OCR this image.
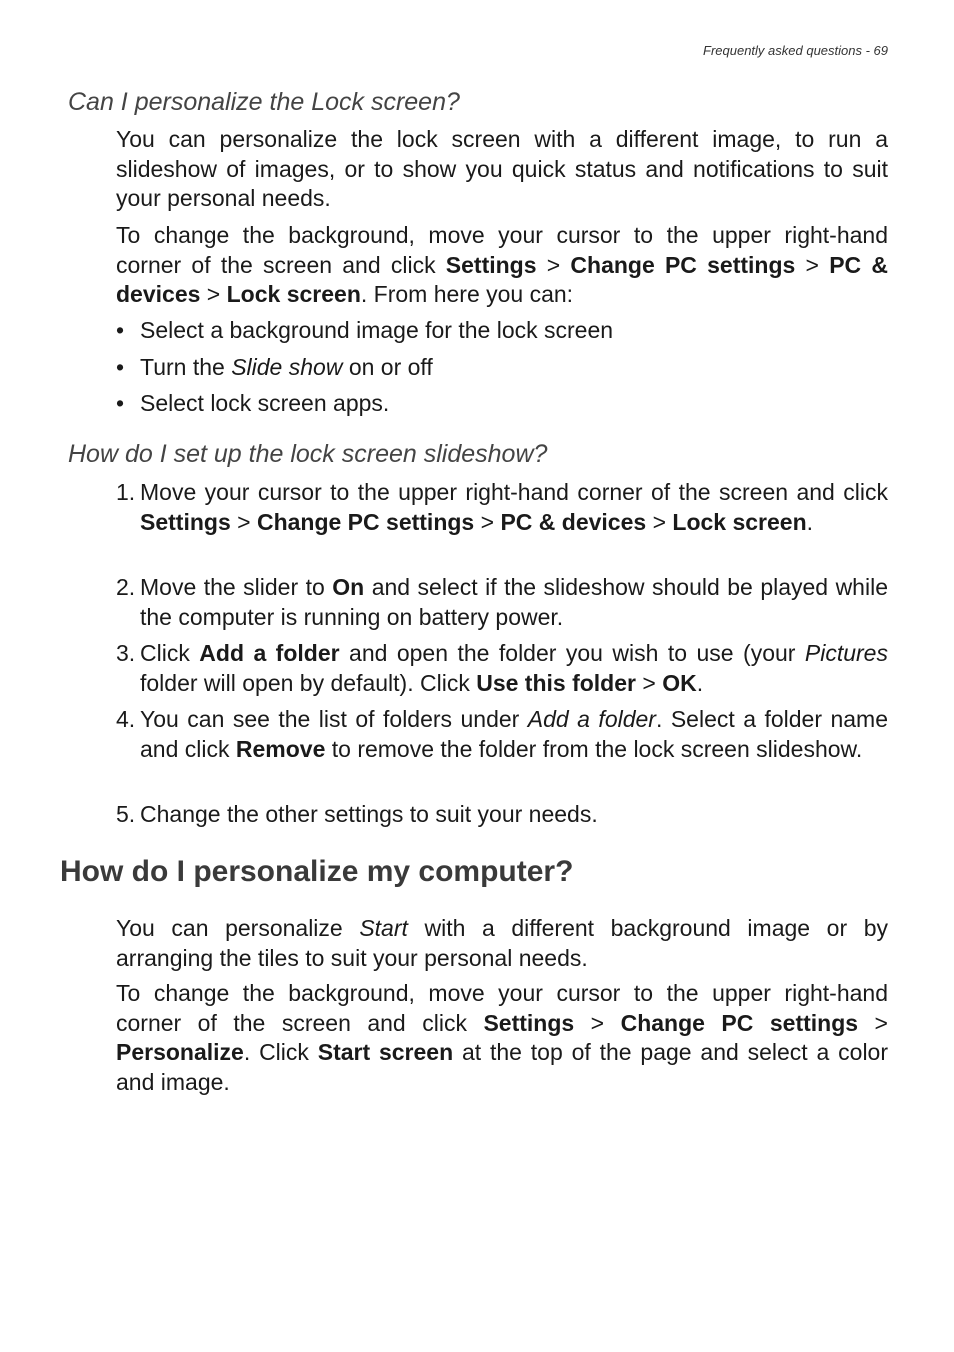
Frequently asked questions - 69
Can I personalize the Lock screen?

You can personalize the lock screen with a different image, to run a slideshow of images, or to show you quick status and notifications to suit your personal needs.

To change the background, move your cursor to the upper right-hand corner of the screen and click Settings > Change PC settings > PC & devices > Lock screen. From here you can:

• Select a background image for the lock screen
• Turn the Slide show on or off
• Select lock screen apps.
How do I set up the lock screen slideshow?
1. Move your cursor to the upper right-hand corner of the screen and click Settings > Change PC settings > PC & devices > Lock screen.
2. Move the slider to On and select if the slideshow should be played while the computer is running on battery power.
3. Click Add a folder and open the folder you wish to use (your Pictures folder will open by default). Click Use this folder > OK.
4. You can see the list of folders under Add a folder. Select a folder name and click Remove to remove the folder from the lock screen slideshow.
5. Change the other settings to suit your needs.
How do I personalize my computer?

You can personalize Start with a different background image or by arranging the tiles to suit your personal needs.

To change the background, move your cursor to the upper right-hand corner of the screen and click Settings > Change PC settings > Personalize. Click Start screen at the top of the page and select a color and image.
